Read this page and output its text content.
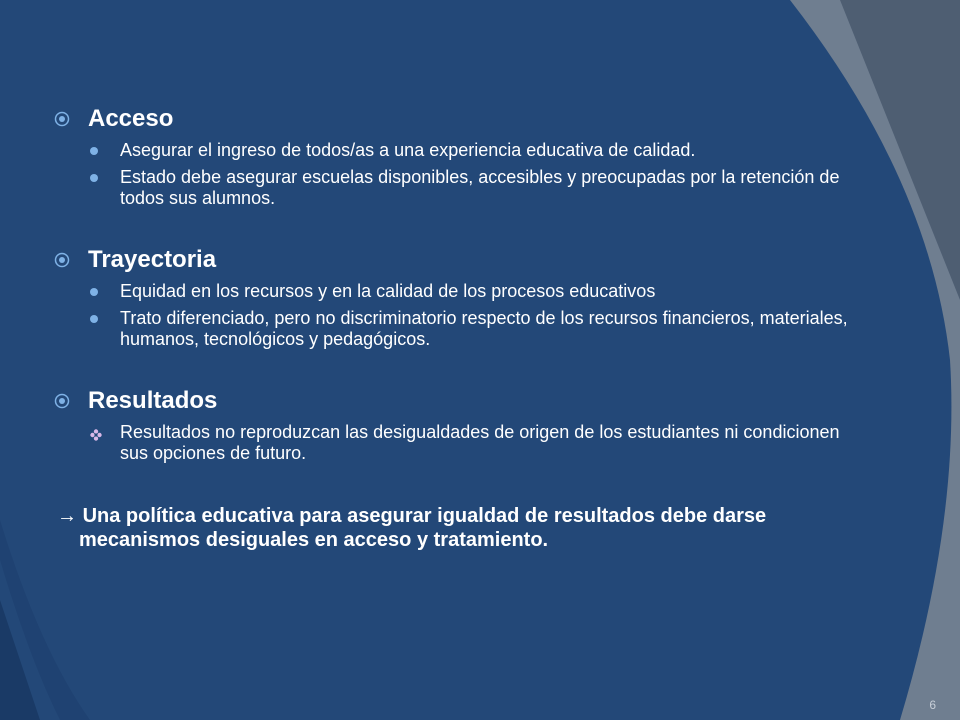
Acceso
Asegurar el ingreso de todos/as a una experiencia educativa de calidad.
Estado debe asegurar escuelas disponibles, accesibles y preocupadas por la retención de todos sus alumnos.
Trayectoria
Equidad en los recursos y en la calidad de los procesos educativos
Trato diferenciado, pero no discriminatorio respecto de los recursos financieros, materiales, humanos, tecnológicos y pedagógicos.
Resultados
Resultados no reproduzcan las desigualdades de origen de los estudiantes ni condicionen sus opciones de futuro.
→ Una política educativa para asegurar igualdad de resultados debe darse mecanismos desiguales en acceso y tratamiento.
6
